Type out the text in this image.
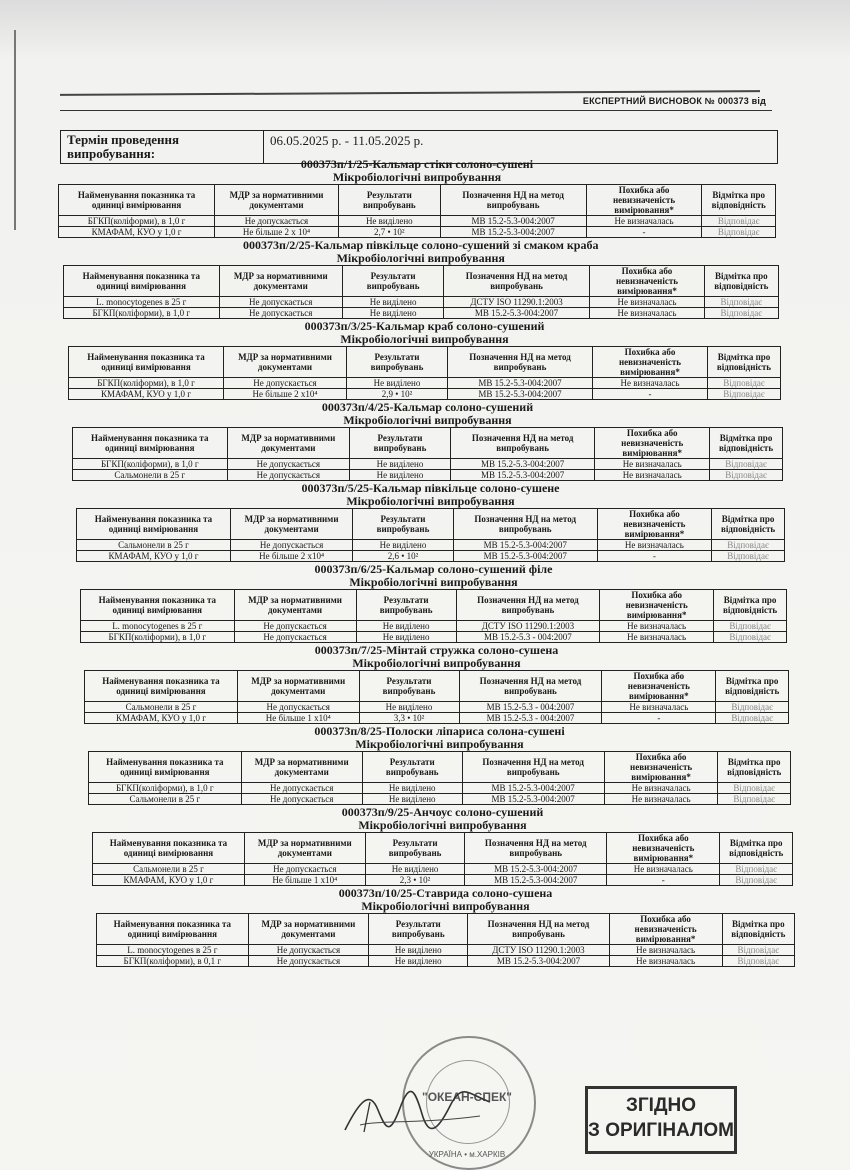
ЕКСПЕРТНИЙ ВИСНОВОК № 000373 від
Термін проведення випробування:	06.05.2025 р. - 11.05.2025 р.
000373п/1/25-Кальмар стіки солоно-сушені
Мікробіологічні випробування
Найменування показника та одиниці вимірювання	МДР за нормативними документами	Результати випробувань	Позначення НД на метод випробувань	Похибка або невизначеність вимірювання*	Відмітка про відповідність
БГКП(коліформи), в 1,0 г	Не допускається	Не виділено	МВ 15.2-5.3-004:2007	Не визначалась	Відповідає
КМАФАМ, КУО у 1,0 г	Не більше 2 x 10⁴	2,7 • 10²	МВ 15.2-5.3-004:2007	-	Відповідає
000373п/2/25-Кальмар півкільце солоно-сушений зі смаком краба
Мікробіологічні випробування
Найменування показника та одиниці вимірювання	МДР за нормативними документами	Результати випробувань	Позначення НД на метод випробувань	Похибка або невизначеність вимірювання*	Відмітка про відповідність
L. monocytogenes в 25 г	Не допускається	Не виділено	ДСТУ ISO 11290.1:2003	Не визначалась	Відповідає
БГКП(коліформи), в 1,0 г	Не допускається	Не виділено	МВ 15.2-5.3-004:2007	Не визначалась	Відповідає
000373п/3/25-Кальмар краб солоно-сушений
Мікробіологічні випробування
Найменування показника та одиниці вимірювання	МДР за нормативними документами	Результати випробувань	Позначення НД на метод випробувань	Похибка або невизначеність вимірювання*	Відмітка про відповідність
БГКП(коліформи), в 1,0 г	Не допускається	Не виділено	МВ 15.2-5.3-004:2007	Не визначалась	Відповідає
КМАФАМ, КУО у 1,0 г	Не більше 2 x10⁴	2,9 • 10²	МВ 15.2-5.3-004:2007	-	Відповідає
000373п/4/25-Кальмар солоно-сушений
Мікробіологічні випробування
Найменування показника та одиниці вимірювання	МДР за нормативними документами	Результати випробувань	Позначення НД на метод випробувань	Похибка або невизначеність вимірювання*	Відмітка про відповідність
БГКП(коліформи), в 1,0 г	Не допускається	Не виділено	МВ 15.2-5.3-004:2007	Не визначалась	Відповідає
Сальмонели в 25 г	Не допускається	Не виділено	МВ 15.2-5.3-004:2007	Не визначалась	Відповідає
000373п/5/25-Кальмар півкільце солоно-сушене
Мікробіологічні випробування
Найменування показника та одиниці вимірювання	МДР за нормативними документами	Результати випробувань	Позначення НД на метод випробувань	Похибка або невизначеність вимірювання*	Відмітка про відповідність
Сальмонели в 25 г	Не допускається	Не виділено	МВ 15.2-5.3-004:2007	Не визначалась	Відповідає
КМАФАМ, КУО у 1,0 г	Не більше 2 x10⁴	2,6 • 10²	МВ 15.2-5.3-004:2007	-	Відповідає
000373п/6/25-Кальмар солоно-сушений філе
Мікробіологічні випробування
Найменування показника та одиниці вимірювання	МДР за нормативними документами	Результати випробувань	Позначення НД на метод випробувань	Похибка або невизначеність вимірювання*	Відмітка про відповідність
L. monocytogenes в 25 г	Не допускається	Не виділено	ДСТУ ISO 11290.1:2003	Не визначалась	Відповідає
БГКП(коліформи), в 1,0 г	Не допускається	Не виділено	МВ 15.2-5.3 - 004:2007	Не визначалась	Відповідає
000373п/7/25-Мінтай стружка солоно-сушена
Мікробіологічні випробування
Найменування показника та одиниці вимірювання	МДР за нормативними документами	Результати випробувань	Позначення НД на метод випробувань	Похибка або невизначеність вимірювання*	Відмітка про відповідність
Сальмонели в 25 г	Не допускається	Не виділено	МВ 15.2-5.3 - 004:2007	Не визначалась	Відповідає
КМАФАМ, КУО у 1,0 г	Не більше 1 x10⁴	3,3 • 10²	МВ 15.2-5.3 - 004:2007	-	Відповідає
000373п/8/25-Полоски ліпариса солона-сушені
Мікробіологічні випробування
Найменування показника та одиниці вимірювання	МДР за нормативними документами	Результати випробувань	Позначення НД на метод випробувань	Похибка або невизначеність вимірювання*	Відмітка про відповідність
БГКП(коліформи), в 1,0 г	Не допускається	Не виділено	МВ 15.2-5.3-004:2007	Не визначалась	Відповідає
Сальмонели в 25 г	Не допускається	Не виділено	МВ 15.2-5.3-004:2007	Не визначалась	Відповідає
000373п/9/25-Анчоус солоно-сушений
Мікробіологічні випробування
Найменування показника та одиниці вимірювання	МДР за нормативними документами	Результати випробувань	Позначення НД на метод випробувань	Похибка або невизначеність вимірювання*	Відмітка про відповідність
Сальмонели в 25 г	Не допускається	Не виділено	МВ 15.2-5.3-004:2007	Не визначалась	Відповідає
КМАФАМ, КУО у 1,0 г	Не більше 1 x10⁴	2,3 • 10²	МВ 15.2-5.3-004:2007	-	Відповідає
000373п/10/25-Ставрида солоно-сушена
Мікробіологічні випробування
Найменування показника та одиниці вимірювання	МДР за нормативними документами	Результати випробувань	Позначення НД на метод випробувань	Похибка або невизначеність вимірювання*	Відмітка про відповідність
L. monocytogenes в 25 г	Не допускається	Не виділено	ДСТУ ISO 11290.1:2003	Не визначалась	Відповідає
БГКП(коліформи), в 0,1 г	Не допускається	Не виділено	МВ 15.2-5.3-004:2007	Не визначалась	Відповідає
"ОКЕАН-СПЕК"
УКРАЇНА • м.ХАРКІВ
ЗГІДНО
З ОРИГІНАЛОМ
